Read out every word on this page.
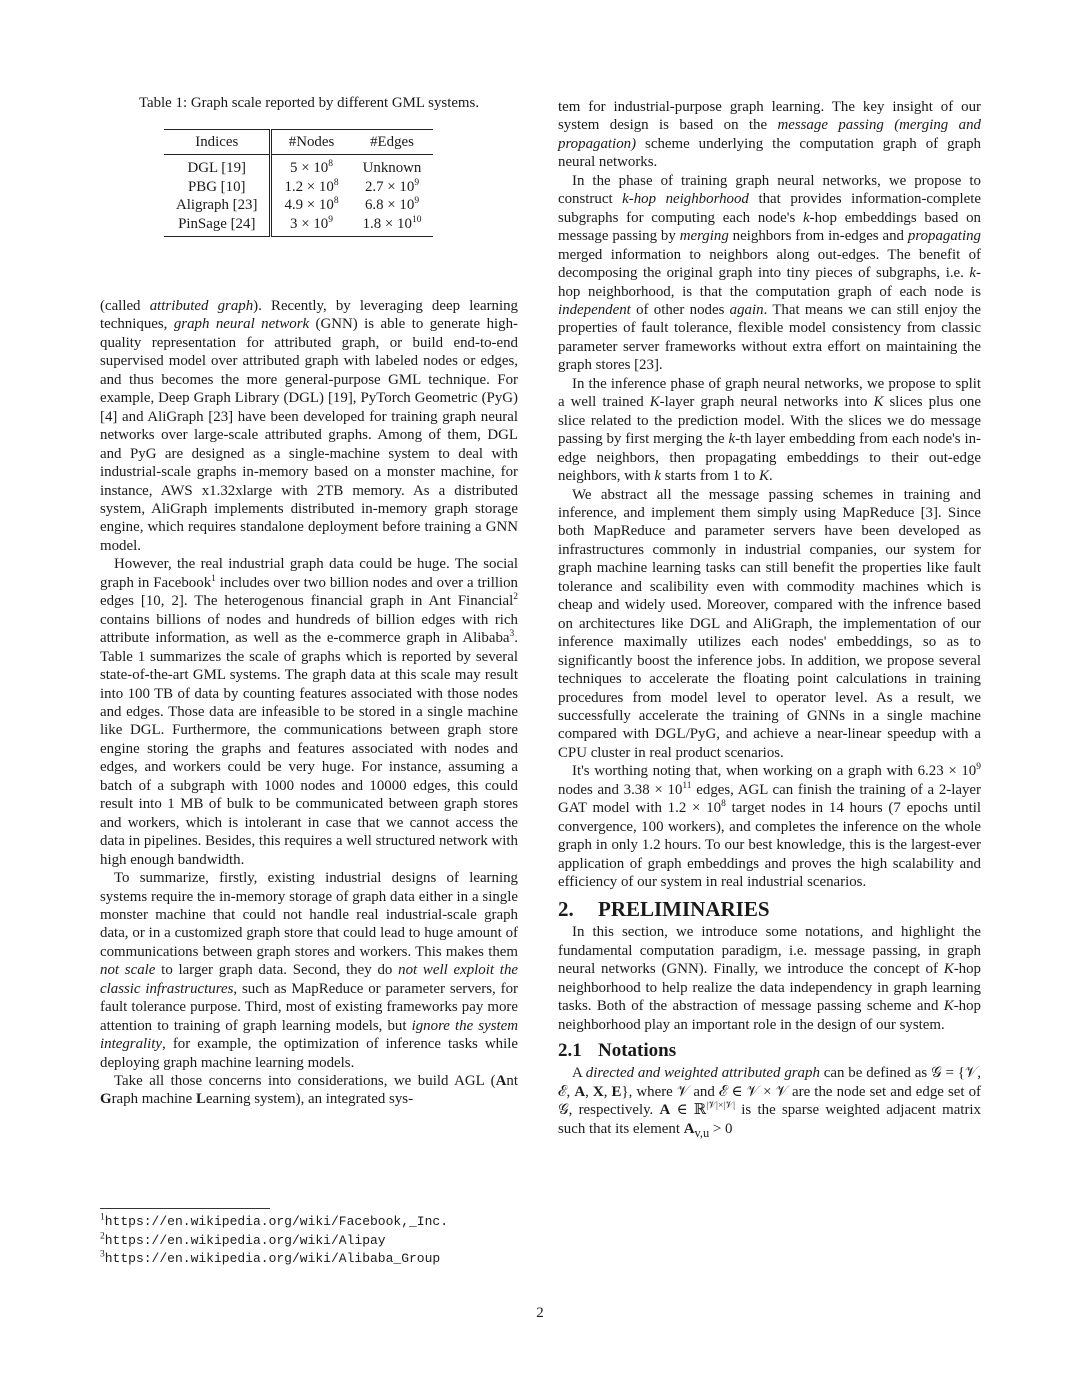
Table 1: Graph scale reported by different GML systems.
Indices	#Nodes	#Edges
DGL [19]	$5 \times 10^8$	Unknown
PBG [10]	$1.2 \times 10^8$	$2.7 \times 10^9$
Aligraph [23]	$4.9 \times 10^8$	$6.8 \times 10^9$
PinSage [24]	$3 \times 10^9$	$1.8 \times 10^{10}$

(called attributed graph). Recently, by leveraging deep learning techniques, graph neural network (GNN) is able to generate high-quality representation for attributed graph, or build end-to-end supervised model over attributed graph with labeled nodes or edges, and thus becomes the more general-purpose GML technique. For example, Deep Graph Library (DGL) [19], PyTorch Geometric (PyG) [4] and AliGraph [23] have been developed for training graph neural networks over large-scale attributed graphs. Among of them, DGL and PyG are designed as a single-machine system to deal with industrial-scale graphs in-memory based on a monster machine, for instance, AWS x1.32xlarge with 2TB memory. As a distributed system, AliGraph implements distributed in-memory graph storage engine, which requires standalone deployment before training a GNN model.

However, the real industrial graph data could be huge. The social graph in Facebook$^1$ includes over two billion nodes and over a trillion edges [10, 2]. The heterogenous financial graph in Ant Financial$^2$ contains billions of nodes and hundreds of billion edges with rich attribute information, as well as the e-commerce graph in Alibaba$^3$. Table 1 summarizes the scale of graphs which is reported by several state-of-the-art GML systems. The graph data at this scale may result into 100 TB of data by counting features associated with those nodes and edges. Those data are infeasible to be stored in a single machine like DGL. Furthermore, the communications between graph store engine storing the graphs and features associated with nodes and edges, and workers could be very huge. For instance, assuming a batch of a subgraph with 1000 nodes and 10000 edges, this could result into 1 MB of bulk to be communicated between graph stores and workers, which is intolerant in case that we cannot access the data in pipelines. Besides, this requires a well structured network with high enough bandwidth.

To summarize, firstly, existing industrial designs of learning systems require the in-memory storage of graph data either in a single monster machine that could not handle real industrial-scale graph data, or in a customized graph store that could lead to huge amount of communications between graph stores and workers. This makes them not scale to larger graph data. Second, they do not well exploit the classic infrastructures, such as MapReduce or parameter servers, for fault tolerance purpose. Third, most of existing frameworks pay more attention to training of graph learning models, but ignore the system integrality, for example, the optimization of inference tasks while deploying graph machine learning models.

Take all those concerns into considerations, we build AGL (Ant Graph machine Learning system), an integrated sys-

tem for industrial-purpose graph learning. The key insight of our system design is based on the message passing (merging and propagation) scheme underlying the computation graph of graph neural networks.

In the phase of training graph neural networks, we propose to construct k-hop neighborhood that provides information-complete subgraphs for computing each node's k-hop embeddings based on message passing by merging neighbors from in-edges and propagating merged information to neighbors along out-edges. The benefit of decomposing the original graph into tiny pieces of subgraphs, i.e. k-hop neighborhood, is that the computation graph of each node is independent of other nodes again. That means we can still enjoy the properties of fault tolerance, flexible model consistency from classic parameter server frameworks without extra effort on maintaining the graph stores [23].

In the inference phase of graph neural networks, we propose to split a well trained K-layer graph neural networks into K slices plus one slice related to the prediction model. With the slices we do message passing by first merging the k-th layer embedding from each node's in-edge neighbors, then propagating embeddings to their out-edge neighbors, with k starts from 1 to K.

We abstract all the message passing schemes in training and inference, and implement them simply using MapReduce [3]. Since both MapReduce and parameter servers have been developed as infrastructures commonly in industrial companies, our system for graph machine learning tasks can still benefit the properties like fault tolerance and scalibility even with commodity machines which is cheap and widely used. Moreover, compared with the infrence based on architectures like DGL and AliGraph, the implementation of our inference maximally utilizes each nodes' embeddings, so as to significantly boost the inference jobs. In addition, we propose several techniques to accelerate the floating point calculations in training procedures from model level to operator level. As a result, we successfully accelerate the training of GNNs in a single machine compared with DGL/PyG, and achieve a near-linear speedup with a CPU cluster in real product scenarios.

It's worthing noting that, when working on a graph with $6.23 \times 10^9$ nodes and $3.38 \times 10^{11}$ edges, AGL can finish the training of a 2-layer GAT model with $1.2 \times 10^8$ target nodes in 14 hours (7 epochs until convergence, 100 workers), and completes the inference on the whole graph in only 1.2 hours. To our best knowledge, this is the largest-ever application of graph embeddings and proves the high scalability and efficiency of our system in real industrial scenarios.

2. PRELIMINARIES

In this section, we introduce some notations, and highlight the fundamental computation paradigm, i.e. message passing, in graph neural networks (GNN). Finally, we introduce the concept of K-hop neighborhood to help realize the data independency in graph learning tasks. Both of the abstraction of message passing scheme and K-hop neighborhood play an important role in the design of our system.

2.1 Notations

A directed and weighted attributed graph can be defined as 𝒢 = {𝒱, ℰ, A, X, E}, where 𝒱 and ℰ ∈ 𝒱 × 𝒱 are the node set and edge set of 𝒢, respectively. A ∈ ℝ$^{|𝒱|\times|𝒱|}$ is the sparse weighted adjacent matrix such that its element $A_{v,u} > 0$

$^1$https://en.wikipedia.org/wiki/Facebook,_Inc.
$^2$https://en.wikipedia.org/wiki/Alipay
$^3$https://en.wikipedia.org/wiki/Alibaba_Group
2
